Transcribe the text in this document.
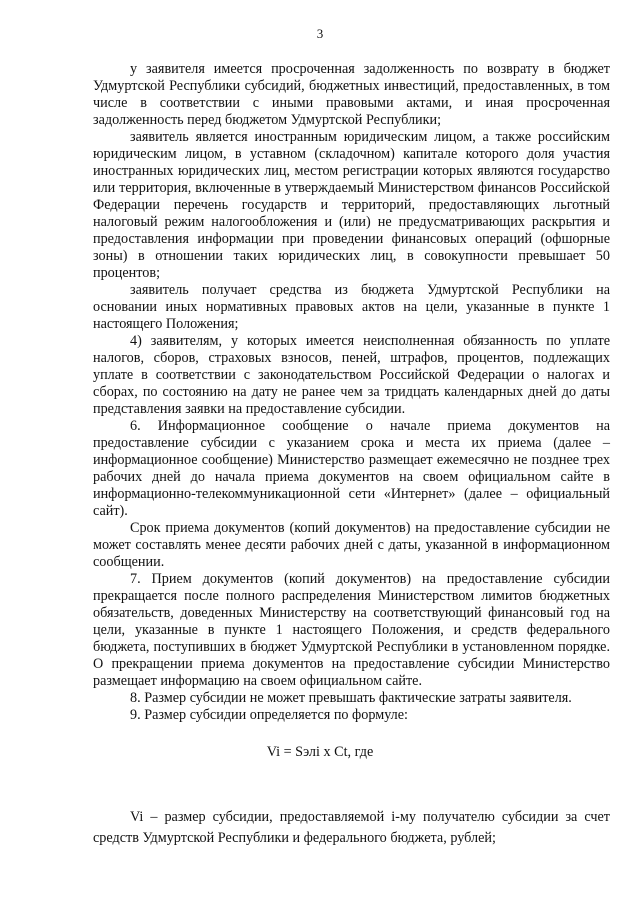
3

у заявителя имеется просроченная задолженность по возврату в бюджет Удмуртской Республики субсидий, бюджетных инвестиций, предоставленных, в том числе в соответствии с иными правовыми актами, и иная просроченная задолженность перед бюджетом Удмуртской Республики;

заявитель является иностранным юридическим лицом, а также российским юридическим лицом, в уставном (складочном) капитале которого доля участия иностранных юридических лиц, местом регистрации которых являются государство или территория, включенные в утверждаемый Министерством финансов Российской Федерации перечень государств и территорий, предоставляющих льготный налоговый режим налогообложения и (или) не предусматривающих раскрытия и предоставления информации при проведении финансовых операций (офшорные зоны) в отношении таких юридических лиц, в совокупности превышает 50 процентов;

заявитель получает средства из бюджета Удмуртской Республики на основании иных нормативных правовых актов на цели, указанные в пункте 1 настоящего Положения;

4) заявителям, у которых имеется неисполненная обязанность по уплате налогов, сборов, страховых взносов, пеней, штрафов, процентов, подлежащих уплате в соответствии с законодательством Российской Федерации о налогах и сборах, по состоянию на дату не ранее чем за тридцать календарных дней до даты представления заявки на предоставление субсидии.

6. Информационное сообщение о начале приема документов на предоставление субсидии с указанием срока и места их приема (далее – информационное сообщение) Министерство размещает ежемесячно не позднее трех рабочих дней до начала приема документов на своем официальном сайте в информационно-телекоммуникационной сети «Интернет» (далее – официальный сайт).

Срок приема документов (копий документов) на предоставление субсидии не может составлять менее десяти рабочих дней с даты, указанной в информационном сообщении.

7. Прием документов (копий документов) на предоставление субсидии прекращается после полного распределения Министерством лимитов бюджетных обязательств, доведенных Министерству на соответствующий финансовый год на цели, указанные в пункте 1 настоящего Положения, и средств федерального бюджета, поступивших в бюджет Удмуртской Республики в установленном порядке. О прекращении приема документов на предоставление субсидии Министерство размещает информацию на своем официальном сайте.

8. Размер субсидии не может превышать фактические затраты заявителя.

9. Размер субсидии определяется по формуле:

Vi = Sэлi x Ct, где

Vi – размер субсидии, предоставляемой i-му получателю субсидии за счет средств Удмуртской Республики и федерального бюджета, рублей;
